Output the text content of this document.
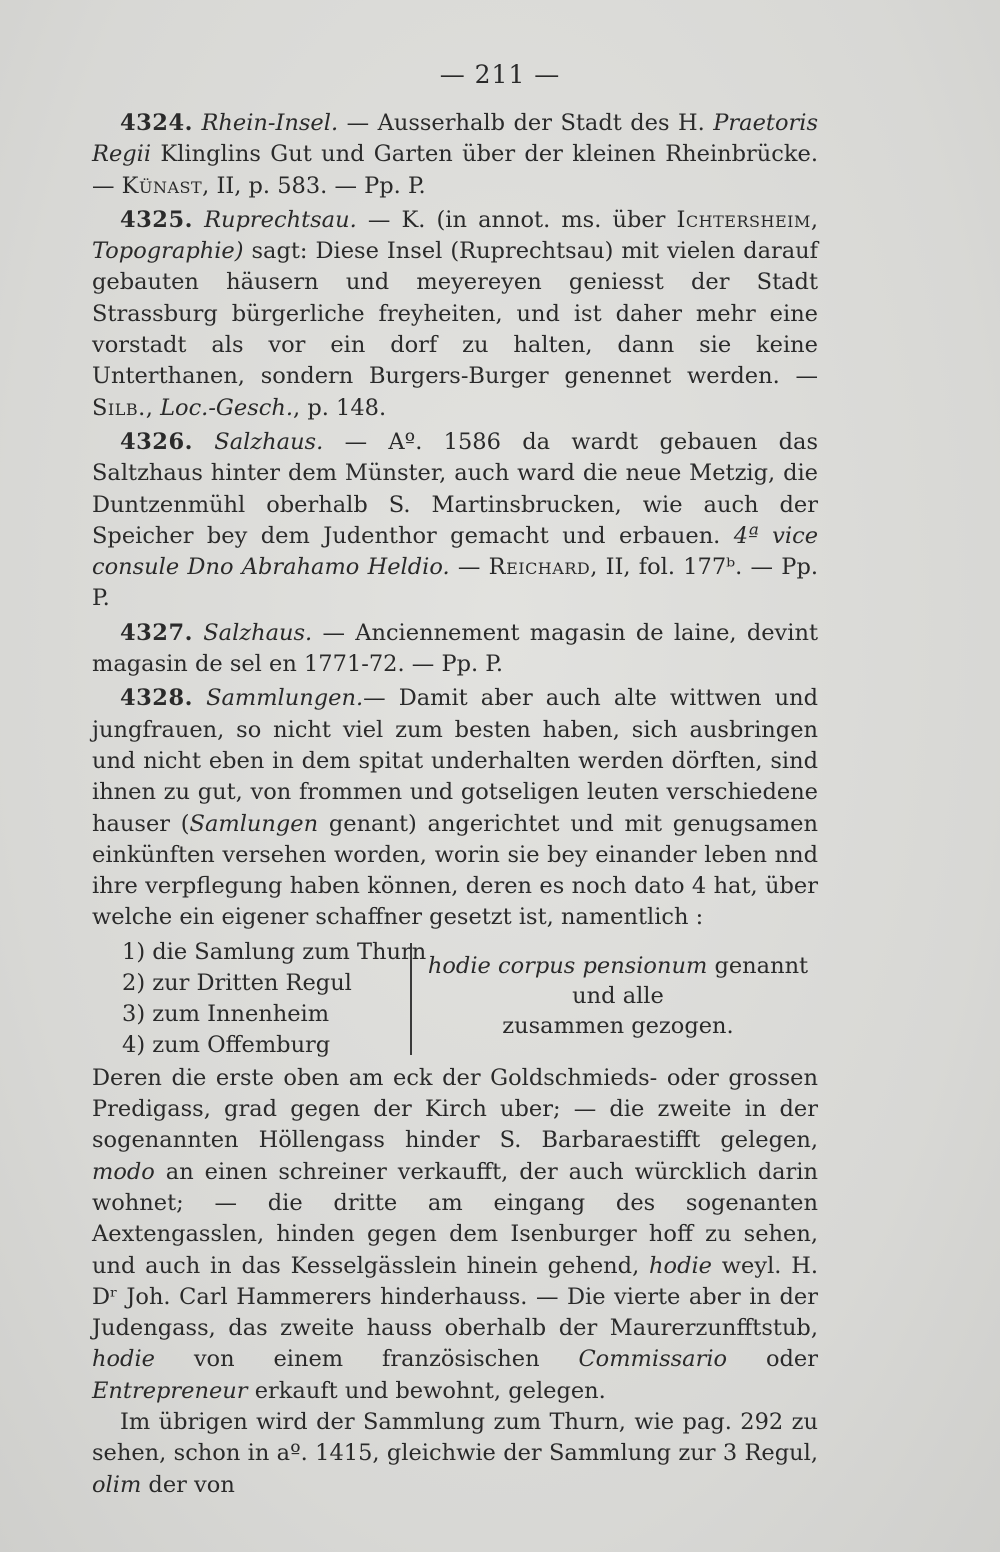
— 211 —

4324. Rhein-Insel. — Ausserhalb der Stadt des H. Praetoris Regii Klinglins Gut und Garten über der kleinen Rheinbrücke. — Künast, II, p. 583. — Pp. P.

4325. Ruprechtsau. — K. (in annot. ms. über Ichtersheim, Topographie) sagt: Diese Insel (Ruprechtsau) mit vielen darauf gebauten häusern und meyereyen geniesst der Stadt Strassburg bürgerliche freyheiten, und ist daher mehr eine vorstadt als vor ein dorf zu halten, dann sie keine Unterthanen, sondern Burgers-Burger genennet werden. — Silb., Loc.-Gesch., p. 148.

4326. Salzhaus. — Aº. 1586 da wardt gebauen das Saltzhaus hinter dem Münster, auch ward die neue Metzig, die Duntzenmühl oberhalb S. Martinsbrucken, wie auch der Speicher bey dem Judenthor gemacht und erbauen. 4ª vice consule Dno Abrahamo Heldio. — Reichard, II, fol. 177ᵇ. — Pp. P.

4327. Salzhaus. — Anciennement magasin de laine, devint magasin de sel en 1771-72. — Pp. P.

4328. Sammlungen.— Damit aber auch alte wittwen und jungfrauen, so nicht viel zum besten haben, sich ausbringen und nicht eben in dem spitat underhalten werden dörften, sind ihnen zu gut, von frommen und gotseligen leuten verschiedene hauser (Samlungen genant) angerichtet und mit genugsamen einkünften versehen worden, worin sie bey einander leben nnd ihre verpflegung haben können, deren es noch dato 4 hat, über welche ein eigener schaffner gesetzt ist, namentlich :

1) die Samlung zum Thurn
2) zur Dritten Regul
3) zum Innenheim
4) zum Offemburg
hodie corpus pensionum genannt und alle
zusammen gezogen.

Deren die erste oben am eck der Goldschmieds- oder grossen Predigass, grad gegen der Kirch uber; — die zweite in der sogenannten Höllengass hinder S. Barbaraestifft gelegen, modo an einen schreiner verkaufft, der auch würcklich darin wohnet; — die dritte am eingang des sogenanten Aextengasslen, hinden gegen dem Isenburger hoff zu sehen, und auch in das Kesselgässlein hinein gehend, hodie weyl. H. Dʳ Joh. Carl Hammerers hinderhauss. — Die vierte aber in der Judengass, das zweite hauss oberhalb der Maurerzunfftstub, hodie von einem französischen Commissario oder Entrepreneur erkauft und bewohnt, gelegen.

Im übrigen wird der Sammlung zum Thurn, wie pag. 292 zu sehen, schon in aº. 1415, gleichwie der Sammlung zur 3 Regul, olim der von
